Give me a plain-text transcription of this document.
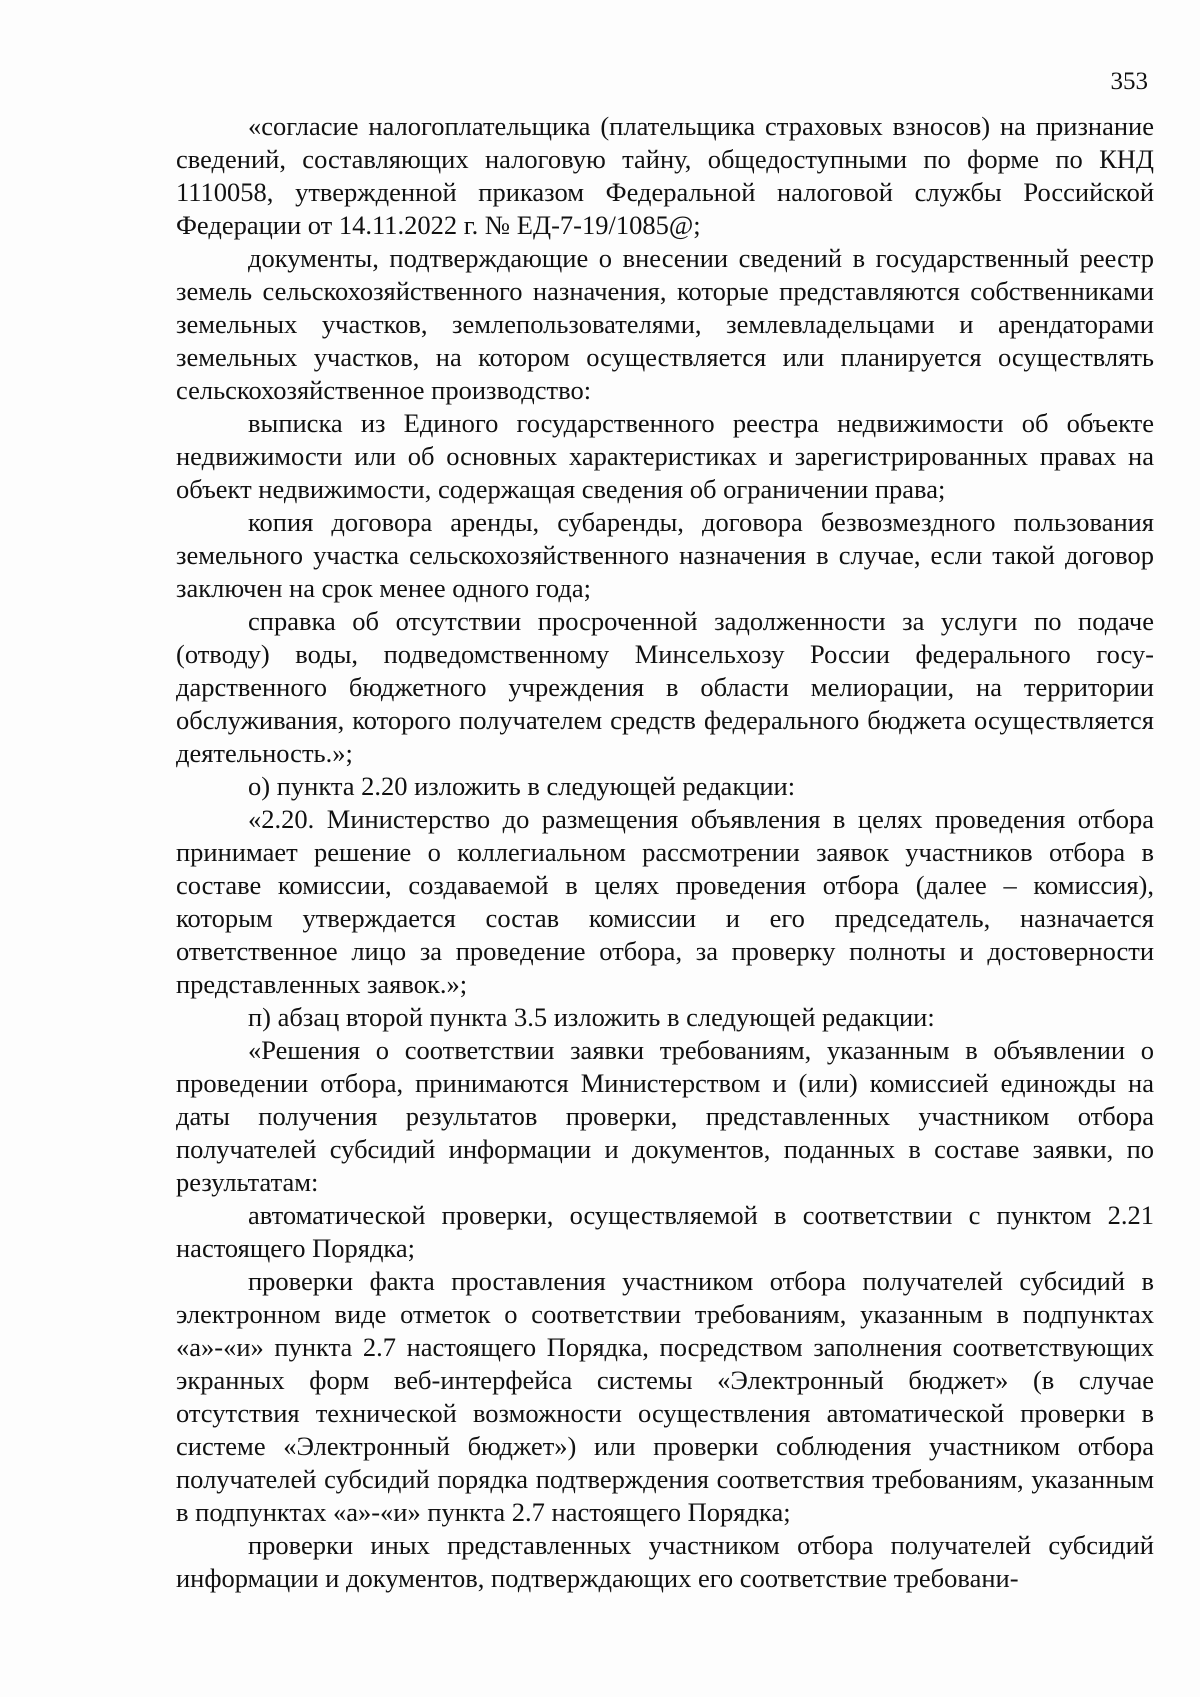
353

«согласие налогоплательщика (плательщика страховых взносов) на признание сведений, составляющих налоговую тайну, общедоступными по форме по КНД 1110058, утвержденной приказом Федеральной налоговой службы Российской Федерации от 14.11.2022 г. № ЕД-7-19/1085@;

документы, подтверждающие о внесении сведений в государственный реестр земель сельскохозяйственного назначения, которые представляются собственниками земельных участков, землепользователями, землевладельцами и арендаторами земельных участков, на котором осуществляется или планируется осуществлять сельскохозяйственное производство:

выписка из Единого государственного реестра недвижимости об объекте недвижимости или об основных характеристиках и зарегистрированных правах на объект недвижимости, содержащая сведения об ограничении права;

копия договора аренды, субаренды, договора безвозмездного пользования земельного участка сельскохозяйственного назначения в случае, если такой договор заключен на срок менее одного года;

справка об отсутствии просроченной задолженности за услуги по подаче (отводу) воды, подведомственному Минсельхозу России федерального государственного бюджетного учреждения в области мелиорации, на территории обслуживания, которого получателем средств федерального бюджета осуществляется деятельность.»;

о) пункта 2.20 изложить в следующей редакции:

«2.20. Министерство до размещения объявления в целях проведения отбора принимает решение о коллегиальном рассмотрении заявок участников отбора в составе комиссии, создаваемой в целях проведения отбора (далее – комиссия), которым утверждается состав комиссии и его председатель, назначается ответственное лицо за проведение отбора, за проверку полноты и достоверности представленных заявок.»;

п) абзац второй пункта 3.5 изложить в следующей редакции:

«Решения о соответствии заявки требованиям, указанным в объявлении о проведении отбора, принимаются Министерством и (или) комиссией единожды на даты получения результатов проверки, представленных участником отбора получателей субсидий информации и документов, поданных в составе заявки, по результатам:

автоматической проверки, осуществляемой в соответствии с пунктом 2.21 настоящего Порядка;

проверки факта проставления участником отбора получателей субсидий в электронном виде отметок о соответствии требованиям, указанным в подпунктах «а»-«и» пункта 2.7 настоящего Порядка, посредством заполнения соответствующих экранных форм веб-интерфейса системы «Электронный бюджет» (в случае отсутствия технической возможности осуществления автоматической проверки в системе «Электронный бюджет») или проверки соблюдения участником отбора получателей субсидий порядка подтверждения соответствия требованиям, указанным в подпунктах «а»-«и» пункта 2.7 настоящего Порядка;

проверки иных представленных участником отбора получателей субсидий информации и документов, подтверждающих его соответствие требовани-
